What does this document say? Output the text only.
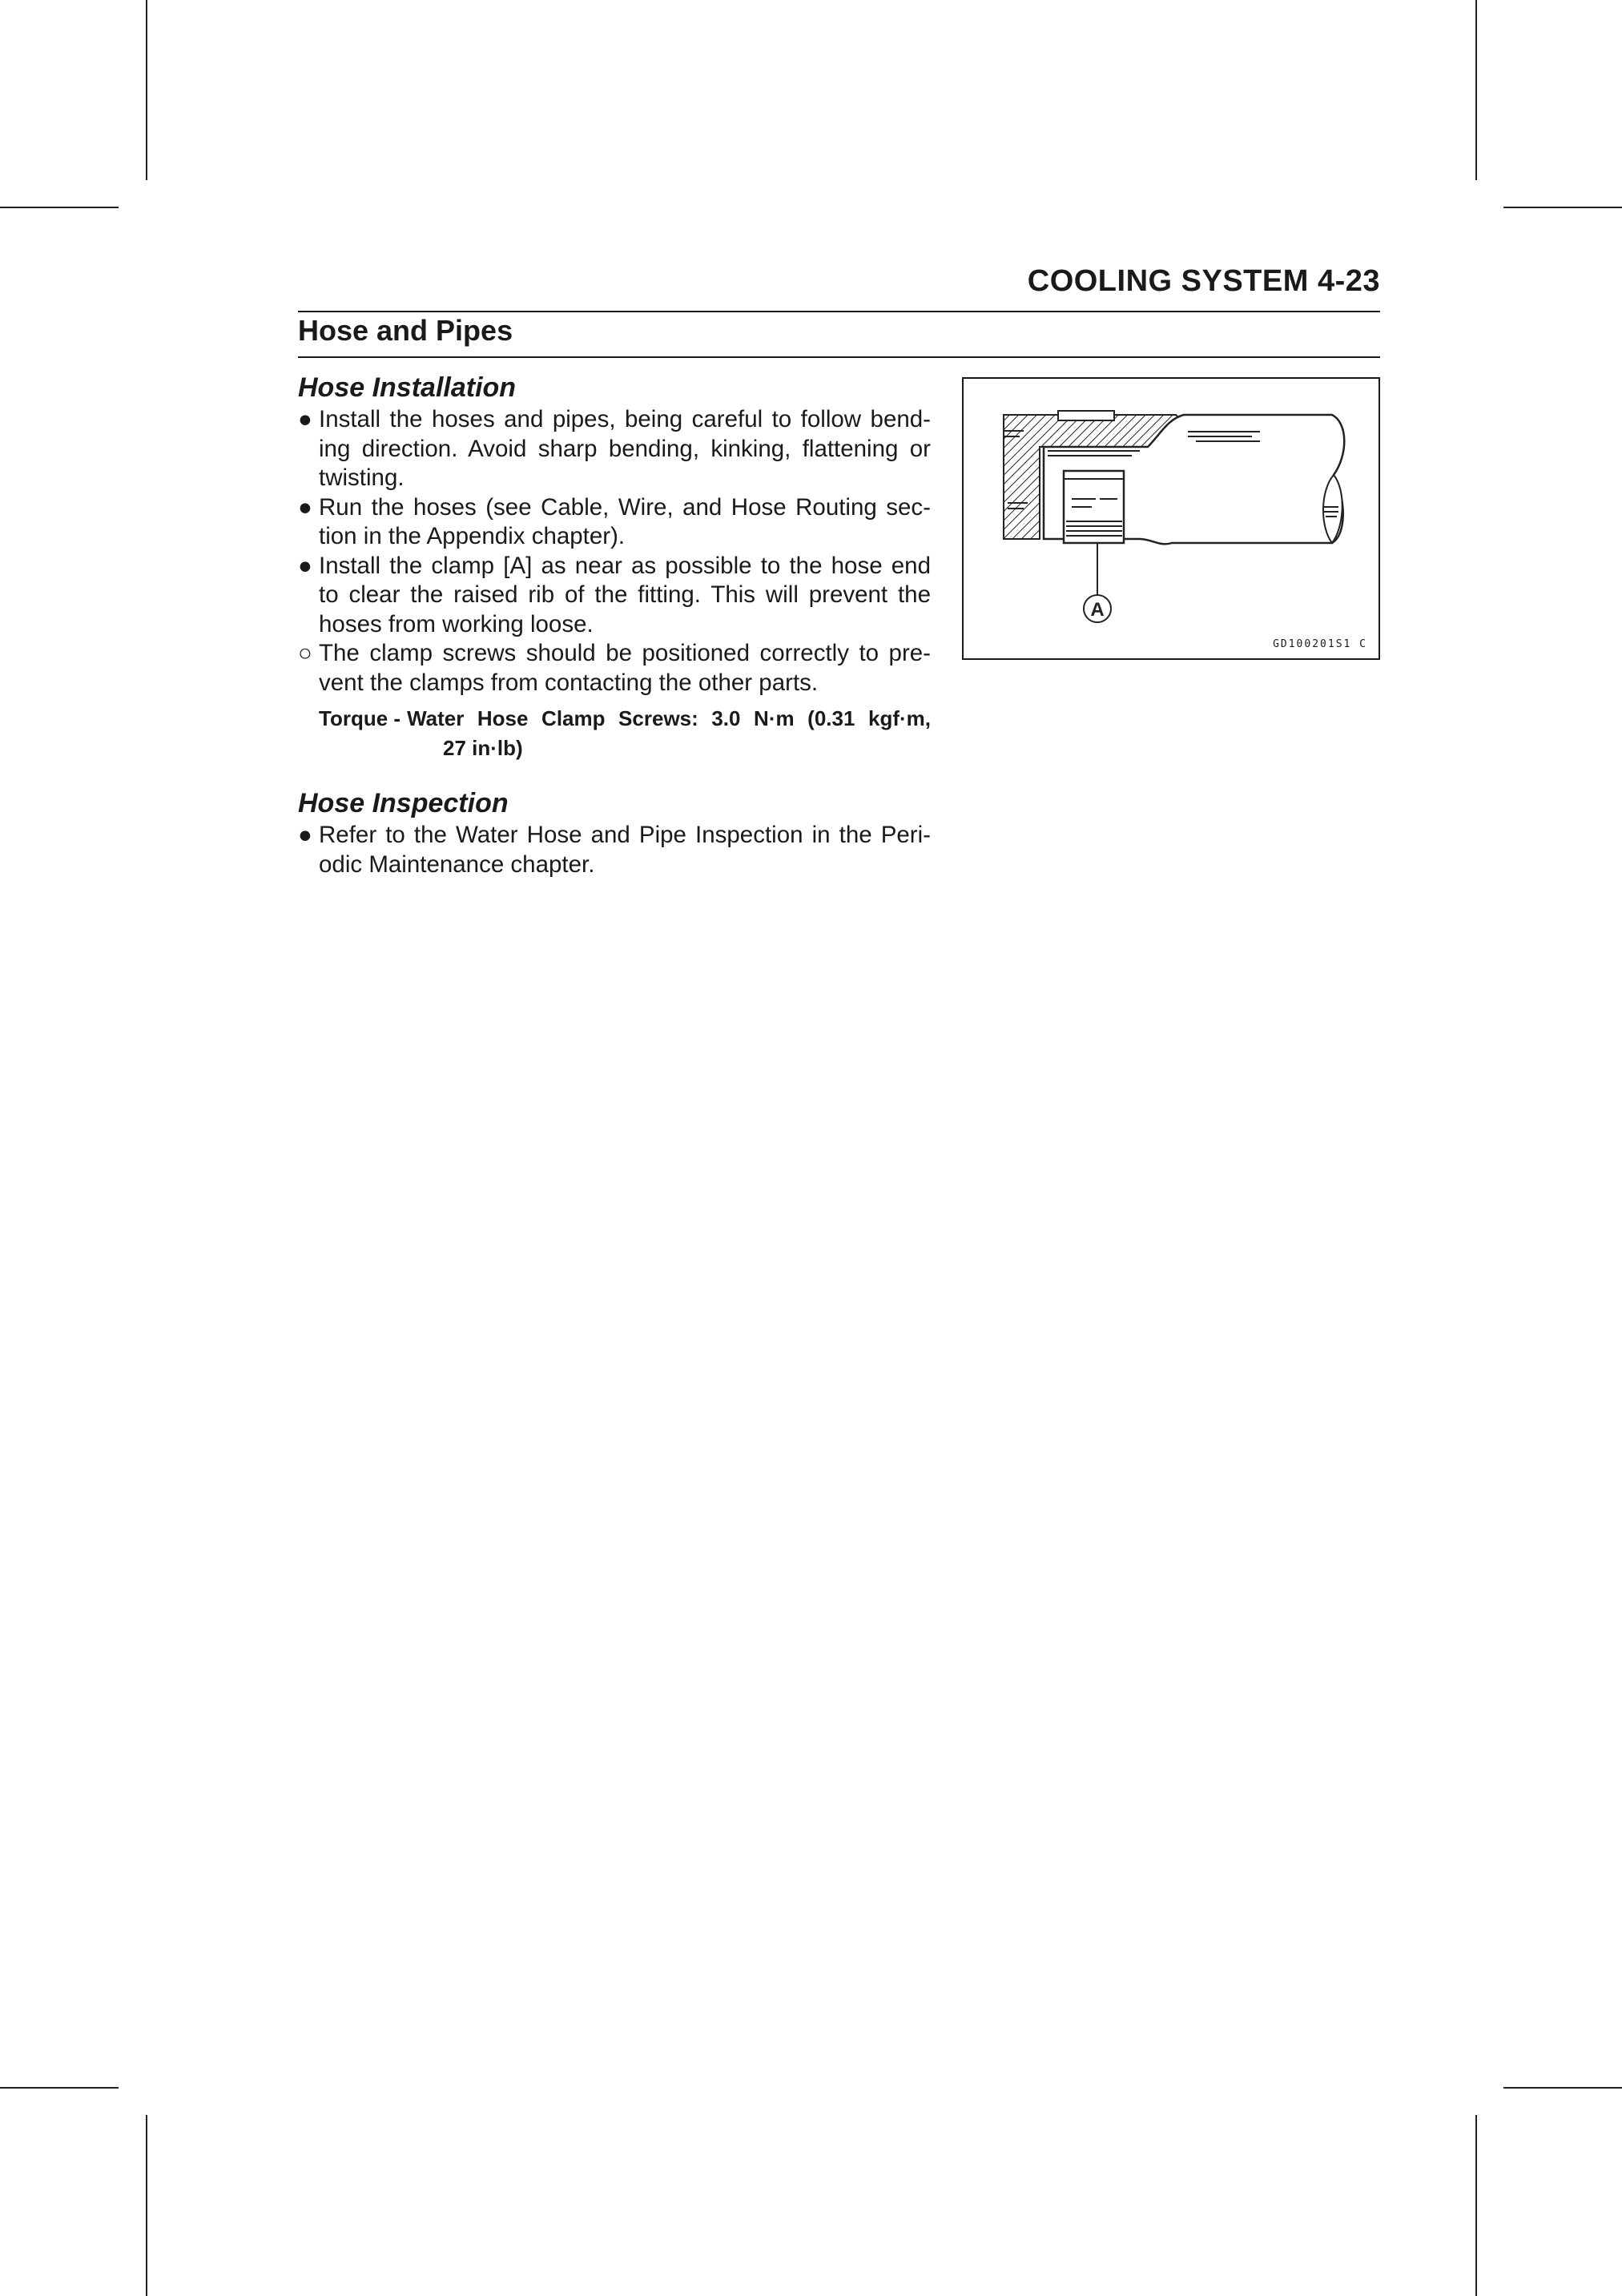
COOLING SYSTEM 4-23
Hose and Pipes
Hose Installation

● Install the hoses and pipes, being careful to follow bend-ing direction. Avoid sharp bending, kinking, flattening or twisting.

● Run the hoses (see Cable, Wire, and Hose Routing sec-tion in the Appendix chapter).

● Install the clamp [A] as near as possible to the hose end to clear the raised rib of the fitting. This will prevent the hoses from working loose.

○ The clamp screws should be positioned correctly to pre-vent the clamps from contacting the other parts.

Torque - Water Hose Clamp Screws: 3.0 N·m (0.31 kgf·m,
27 in·lb)
Hose Inspection

● Refer to the Water Hose and Pipe Inspection in the Peri-odic Maintenance chapter.

A
GD100201S1 C
